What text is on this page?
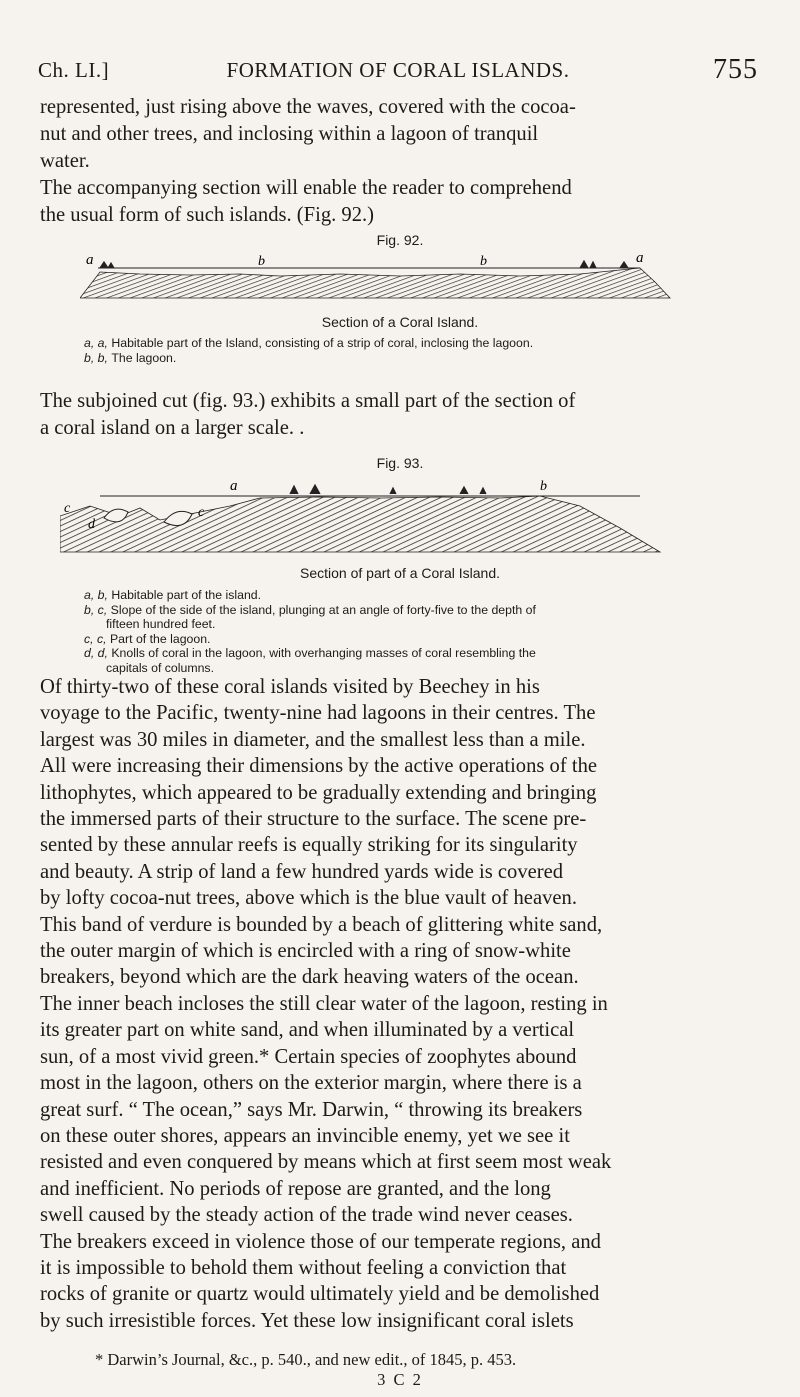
Ch. LI.]	FORMATION OF CORAL ISLANDS.	755

represented, just rising above the waves, covered with the cocoa-

nut and other trees, and inclosing within a lagoon of tranquil

water.

The accompanying section will enable the reader to comprehend

the usual form of such islands. (Fig. 92.)

Fig. 92.
a	b	b	a
Section of a Coral Island.
a, a,
Habitable part of the Island, consisting of a strip of coral, inclosing the lagoon.
b, b,
The lagoon.

The subjoined cut (fig. 93.) exhibits a small part of the section of

a coral island on a larger scale. .

Fig. 93.
c
d
c
a	b
Section of part of a Coral Island.
a, b,
Habitable part of the island.
b, c,
Slope of the side of the island, plunging at an angle of forty-five to the depth of
fifteen hundred feet.
c, c,
Part of the lagoon.
d, d,
Knolls of coral in the lagoon, with overhanging masses of coral resembling the
capitals of columns.

Of thirty-two of these coral islands visited by Beechey in his

voyage to the Pacific, twenty-nine had lagoons in their centres. The

largest was 30 miles in diameter, and the smallest less than a mile.

All were increasing their dimensions by the active operations of the

lithophytes, which appeared to be gradually extending and bringing

the immersed parts of their structure to the surface. The scene pre-

sented by these annular reefs is equally striking for its singularity

and beauty. A strip of land a few hundred yards wide is covered

by lofty cocoa-nut trees, above which is the blue vault of heaven.

This band of verdure is bounded by a beach of glittering white sand,

the outer margin of which is encircled with a ring of snow-white

breakers, beyond which are the dark heaving waters of the ocean.

The inner beach incloses the still clear water of the lagoon, resting in

its greater part on white sand, and when illuminated by a vertical

sun, of a most vivid green.* Certain species of zoophytes abound

most in the lagoon, others on the exterior margin, where there is a

great surf. “ The ocean,” says Mr. Darwin, “ throwing its breakers

on these outer shores, appears an invincible enemy, yet we see it

resisted and even conquered by means which at first seem most weak

and inefficient. No periods of repose are granted, and the long

swell caused by the steady action of the trade wind never ceases.

The breakers exceed in violence those of our temperate regions, and

it is impossible to behold them without feeling a conviction that

rocks of granite or quartz would ultimately yield and be demolished

by such irresistible forces. Yet these low insignificant coral islets

* Darwin’s Journal, &c., p. 540., and new edit., of 1845, p. 453.
3 C 2
